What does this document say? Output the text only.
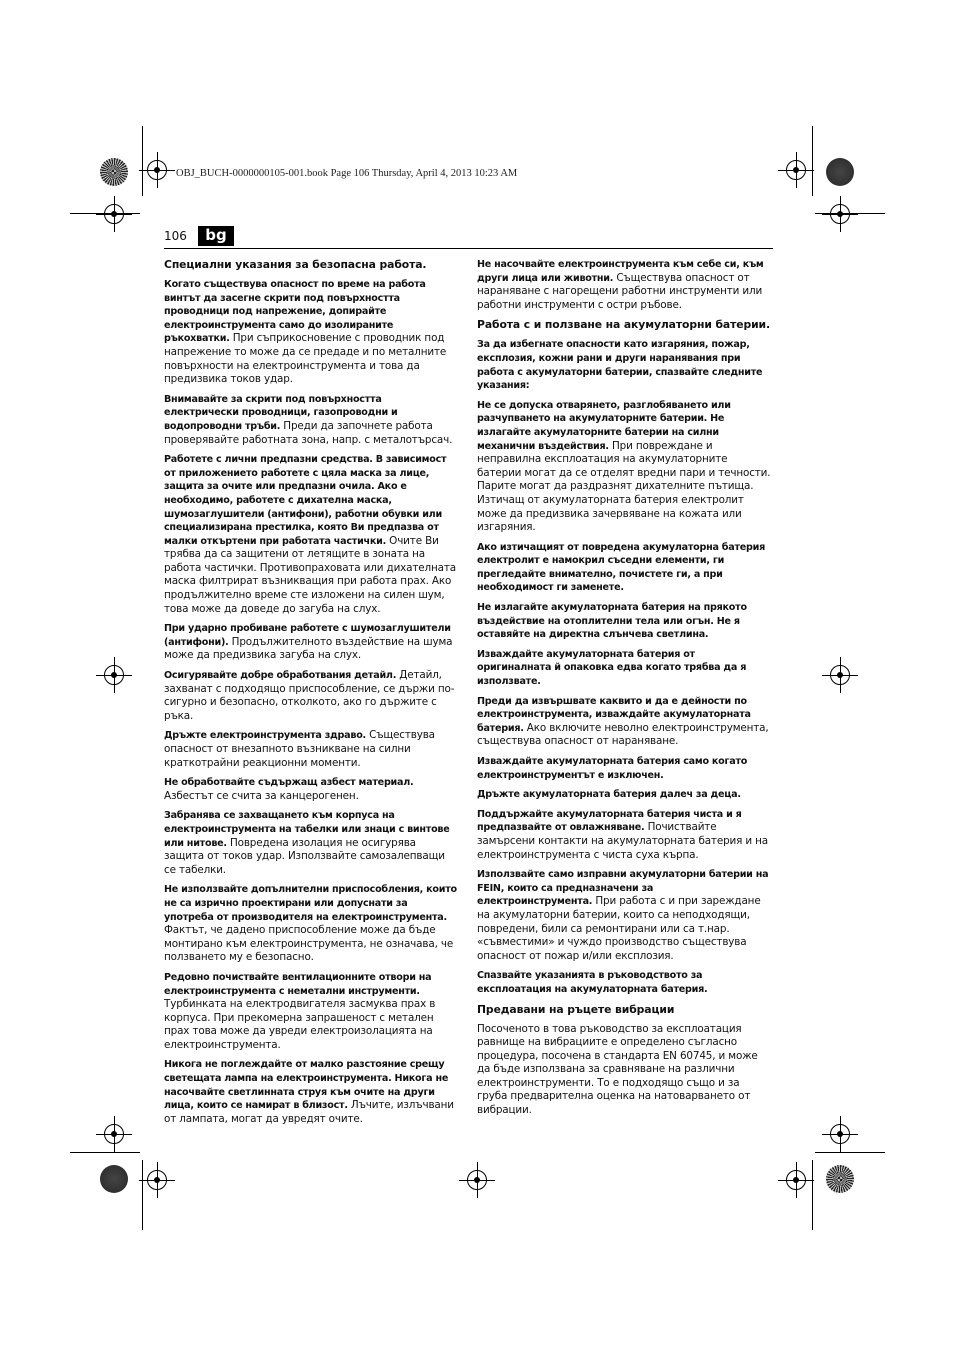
OBJ_BUCH-0000000105-001.book Page 106 Thursday, April 4, 2013 10:23 AM
106	bg
Специални указания за безопасна работа.
Когато съществува опасност по време на работа винтът да засегне скрити под повърхността проводници под напрежение, допирайте електроинструмента само до изолираните ръкохватки. При съприкосновение с проводник под напрежение то може да се предаде и по металните повърхности на електроинструмента и това да предизвика токов удар.
Внимавайте за скрити под повърхността електрически проводници, газопроводни и водопроводни тръби. Преди да започнете работа проверявайте работната зона, напр. с металотърсач.
Работете с лични предпазни средства. В зависимост от приложението работете с цяла маска за лице, защита за очите или предпазни очила. Ако е необходимо, работете с дихателна маска, шумозаглушители (антифони), работни обувки или специализирана престилка, която Ви предпазва от малки откъртени при работата частички. Очите Ви трябва да са защитени от летящите в зоната на работа частички. Противопраховата или дихателната маска филтрират възникващия при работа прах. Ако продължително време сте изложени на силен шум, това може да доведе до загуба на слух.
При ударно пробиване работете с шумозаглушители (антифони). Продължителното въздействие на шума може да предизвика загуба на слух.
Осигурявайте добре обработвания детайл. Детайл, захванат с подходящо приспособление, се държи по-сигурно и безопасно, отколкото, ако го държите с ръка.
Дръжте електроинструмента здраво. Съществува опасност от внезапното възникване на силни краткотрайни реакционни моменти.
Не обработвайте съдържащ азбест материал. Азбестът се счита за канцерогенен.
Забранява се захващането към корпуса на електроинструмента на табелки или знаци с винтове или нитове. Повредена изолация не осигурява защита от токов удар. Използвайте самозалепващи се табелки.
Не използвайте допълнителни приспособления, които не са изрично проектирани или допуснати за употреба от производителя на електроинструмента. Фактът, че дадено приспособление може да бъде монтирано към електроинструмента, не означава, че ползването му е безопасно.
Редовно почиствайте вентилационните отвори на електроинструмента с неметални инструменти. Турбинката на електродвигателя засмуква прах в корпуса. При прекомерна запрашеност с метален прах това може да увреди електроизолацията на електроинструмента.
Никога не поглеждайте от малко разстояние срещу светещата лампа на електроинструмента. Никога не насочвайте светлинната струя към очите на други лица, които се намират в близост. Лъчите, излъчвани от лампата, могат да увредят очите.
Не насочвайте електроинструмента към себе си, към други лица или животни. Съществува опасност от нараняване с нагорещени работни инструменти или работни инструменти с остри ръбове.
Работа с и ползване на акумулаторни батерии.
За да избегнате опасности като изгаряния, пожар, експлозия, кожни рани и други наранявания при работа с акумулаторни батерии, спазвайте следните указания:
Не се допуска отварянето, разглобяването или разчупването на акумулаторните батерии. Не излагайте акумулаторните батерии на силни механични въздействия. При повреждане и неправилна експлоатация на акумулаторните батерии могат да се отделят вредни пари и течности. Парите могат да раздразнят дихателните пътища. Изтичащ от акумулаторната батерия електролит може да предизвика зачервяване на кожата или изгаряния.
Ако изтичащият от повредена акумулаторна батерия електролит е намокрил съседни елементи, ги прегледайте внимателно, почистете ги, а при необходимост ги заменете.
Не излагайте акумулаторната батерия на прякото въздействие на отоплителни тела или огън. Не я оставяйте на директна слънчева светлина.
Изваждайте акумулаторната батерия от оригиналната й опаковка едва когато трябва да я използвате.
Преди да извършвате каквито и да е дейности по електроинструмента, изваждайте акумулаторната батерия. Ако включите неволно електроинструмента, съществува опасност от нараняване.
Изваждайте акумулаторната батерия само когато електроинструментът е изключен.
Дръжте акумулаторната батерия далеч за деца.
Поддържайте акумулаторната батерия чиста и я предпазвайте от овлажняване. Почиствайте замърсени контакти на акумулаторната батерия и на електроинструмента с чиста суха кърпа.
Използвайте само изправни акумулаторни батерии на FEIN, които са предназначени за електроинструмента. При работа с и при зареждане на акумулаторни батерии, които са неподходящи, повредени, били са ремонтирани или са т.нар. «съвместими» и чуждо производство съществува опасност от пожар и/или експлозия.
Спазвайте указанията в ръководството за експлоатация на акумулаторната батерия.
Предавани на ръцете вибрации
Посоченото в това ръководство за експлоатация равнище на вибрациите е определено съгласно процедура, посочена в стандарта EN 60745, и може да бъде използвана за сравняване на различни електроинструменти. То е подходящо също и за груба предварителна оценка на натоварването от вибрации.
